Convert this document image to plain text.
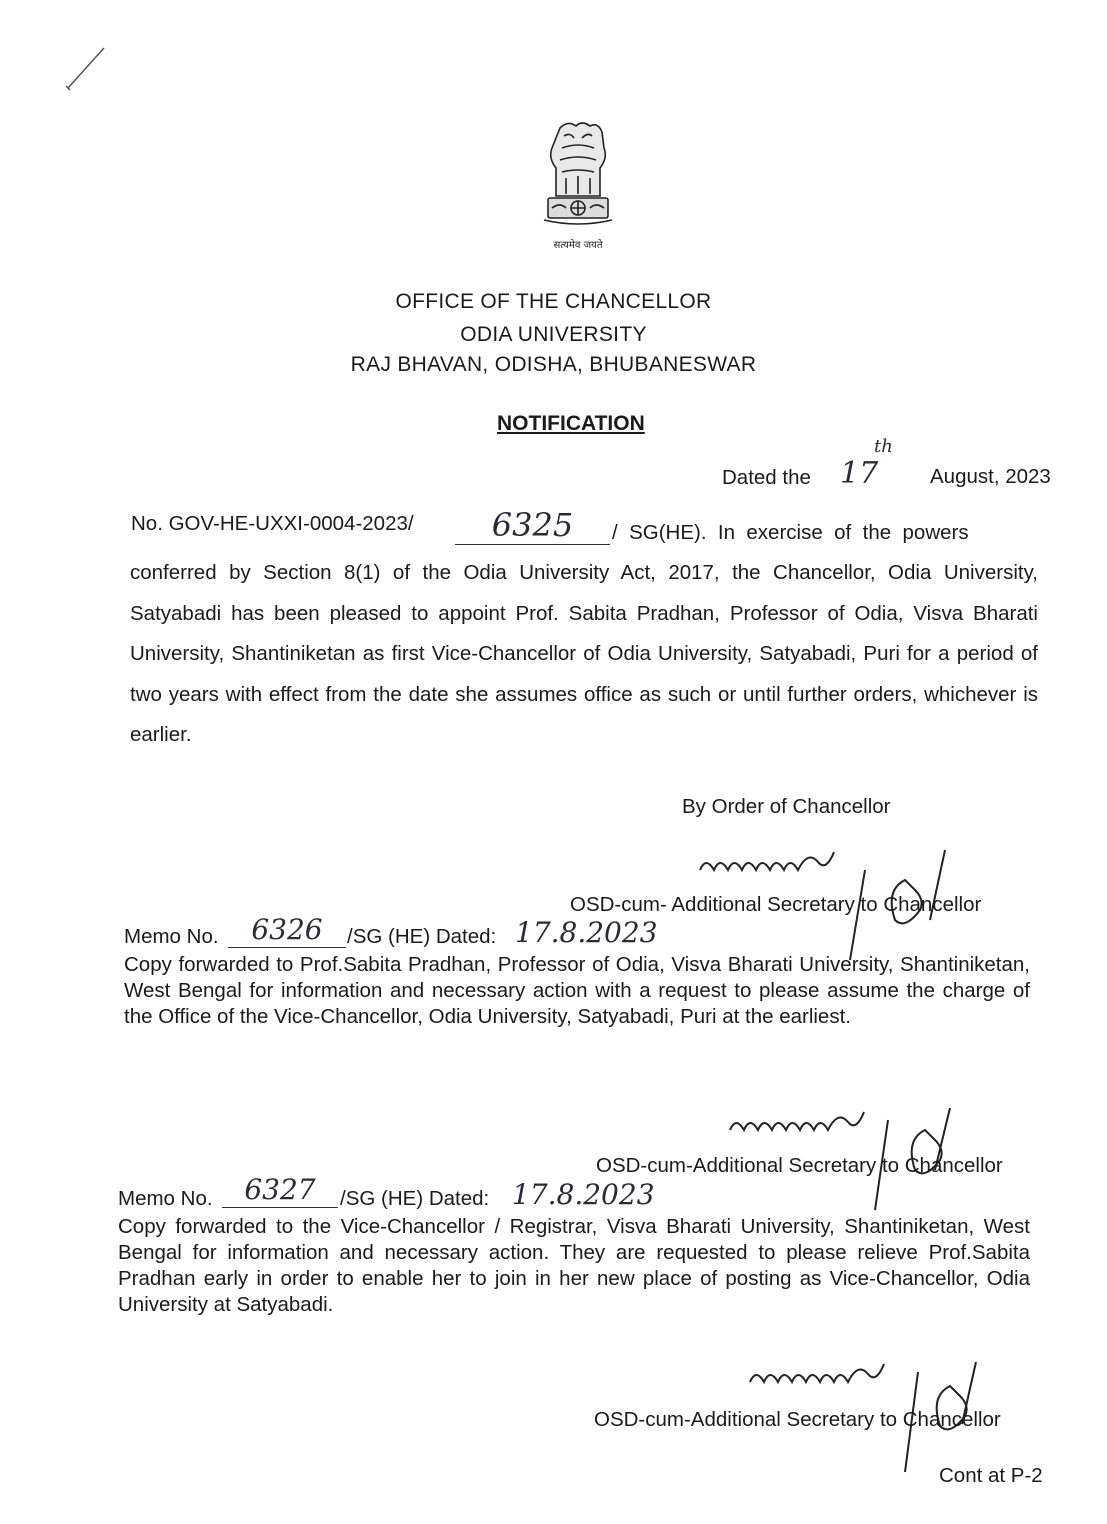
सत्यमेव जयते
OFFICE OF THE CHANCELLOR
ODIA UNIVERSITY
RAJ BHAVAN, ODISHA, BHUBANESWAR
NOTIFICATION
Dated the 17
th
August, 2023
No. GOV-HE-UXXI-0004-2023/	6325	/  SG(HE).  In  exercise  of  the  powers
conferred by Section 8(1) of the Odia University Act, 2017, the Chancellor, Odia University, Satyabadi has been pleased to appoint Prof. Sabita Pradhan, Professor of Odia, Visva Bharati University, Shantiniketan as first Vice-Chancellor of Odia University, Satyabadi, Puri for a period of two years with effect from the date she assumes office as such or until further orders, whichever is earlier.
By Order of Chancellor
OSD-cum- Additional Secretary to Chancellor
Memo No.	6326	/SG (HE) Dated: 17.8.2023
Copy forwarded to Prof.Sabita Pradhan, Professor of Odia, Visva Bharati University, Shantiniketan, West Bengal for information and necessary action with a request to please assume the charge of the Office of the Vice-Chancellor, Odia University, Satyabadi, Puri at the earliest.
OSD-cum-Additional Secretary to Chancellor
Memo No.	6327	/SG (HE) Dated: 17.8.2023
Copy forwarded to the Vice-Chancellor / Registrar, Visva Bharati University, Shantiniketan, West Bengal for information and necessary action. They are requested to please relieve Prof.Sabita Pradhan early in order to enable her to join in her new place of posting as Vice-Chancellor, Odia University at Satyabadi.
OSD-cum-Additional Secretary to Chancellor
Cont at P-2
